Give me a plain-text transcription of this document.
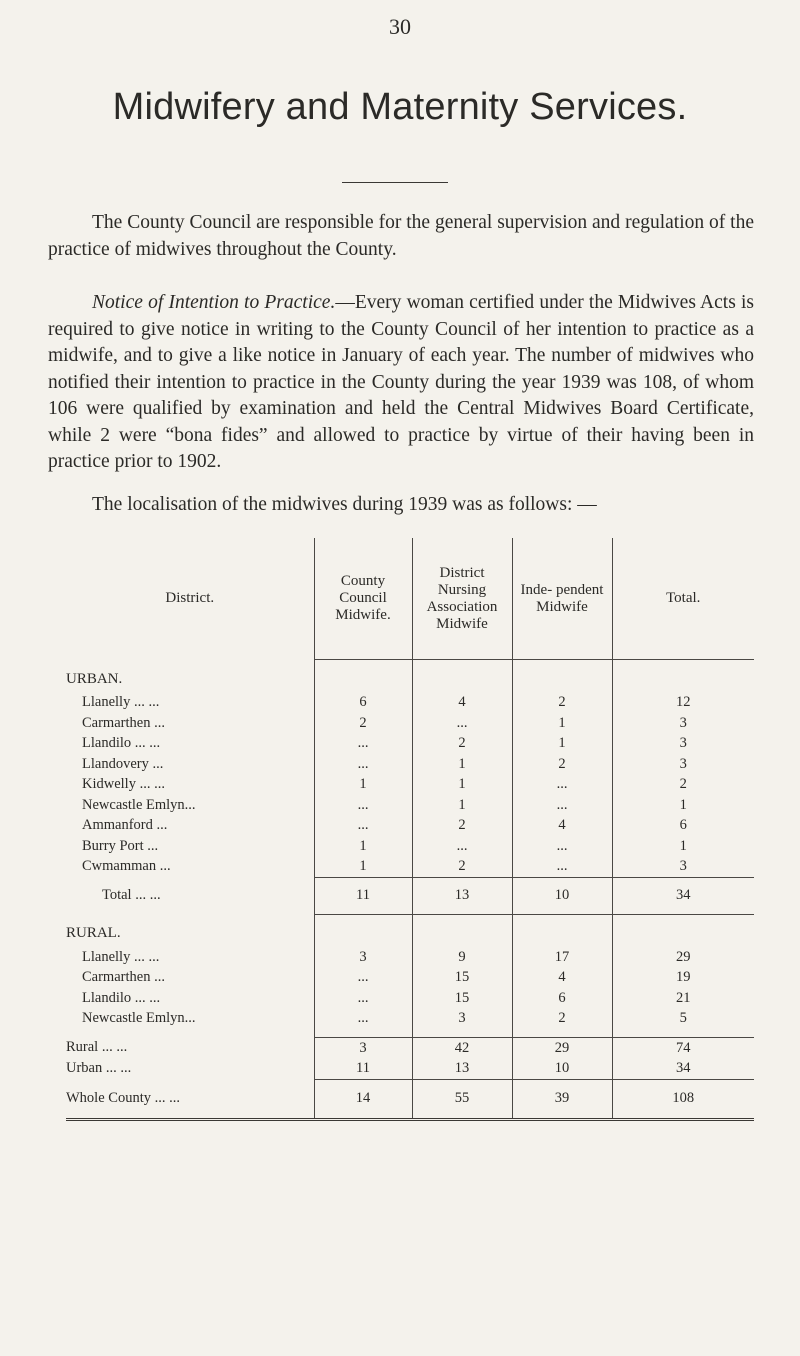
30
Midwifery and Maternity Services.
The County Council are responsible for the general supervision and regulation of the practice of midwives throughout the County.
Notice of Intention to Practice.—Every woman certified under the Midwives Acts is required to give notice in writing to the County Council of her intention to practice as a midwife, and to give a like notice in January of each year. The number of midwives who notified their intention to practice in the County during the year 1939 was 108, of whom 106 were qualified by examination and held the Central Midwives Board Certificate, while 2 were “bona fides” and allowed to practice by virtue of their having been in practice prior to 1902.
The localisation of the midwives during 1939 was as follows: —
District.	County Council Midwife.	District Nursing Association Midwife	Inde- pendent Midwife	Total.
URBAN.				
Llanelly ... ...	6	4	2	12
Carmarthen ...	2	...	1	3
Llandilo ... ...	...	2	1	3
Llandovery ...	...	1	2	3
Kidwelly ... ...	1	1	...	2
Newcastle Emlyn...	...	1	...	1
Ammanford ...	...	2	4	6
Burry Port ...	1	...	...	1
Cwmamman ...	1	2	...	3
Total ... ...	11	13	10	34
RURAL.				
Llanelly ... ...	3	9	17	29
Carmarthen ...	...	15	4	19
Llandilo ... ...	...	15	6	21
Newcastle Emlyn...	...	3	2	5

Rural ... ...	3	42	29	74
Urban ... ...	11	13	10	34
Whole County ... ...	14	55	39	108
